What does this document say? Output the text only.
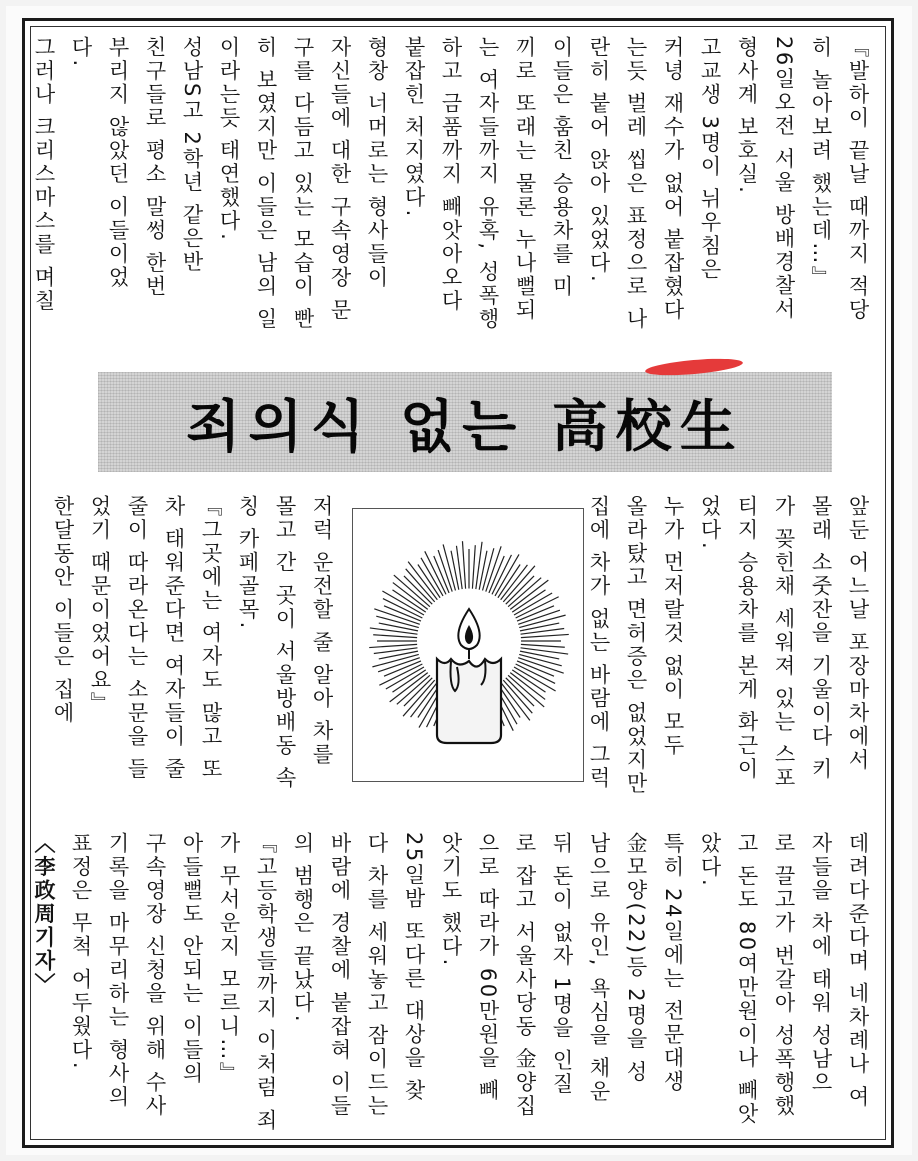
『발하이 끝날 때까지 적당

히 놀아보려 했는데…』

26일오전 서울 방배경찰서

형사계 보호실.

고교생 3명이 뉘우침은

커녕 재수가 없어 붙잡혔다

는듯 벌레 씹은 표정으로 나

란히 붙어 앉아 있었다.

이들은 훔친 승용차를 미

끼로 또래는 물론 누나뻘되

는 여자들까지 유혹, 성폭행

하고 금품까지 빼앗아오다

붙잡힌 처지였다.

형창 너머로는 형사들이

자신들에 대한 구속영장 문

구를 다듬고 있는 모습이 빤

히 보였지만 이들은 남의 일

이라는듯 태연했다.

성남S고 2학년 같은반

친구들로 평소 말썽 한번

부리지 않았던 이들이었

다.

그러나 크리스마스를 며칠

죄의식 없는 高校生

앞둔 어느날 포장마차에서

몰래 소줏잔을 기울이다 키

가 꽂힌채 세워져 있는 스포

티지 승용차를 본게 화근이

었다.

누가 먼저랄것 없이 모두

올라탔고 면허증은 없었지만

집에 차가 없는 바람에 그럭

저럭 운전할 줄 알아 차를

몰고 간 곳이 서울방배동 속

칭 카페골목.

『그곳에는 여자도 많고 또

차 태워준다면 여자들이 줄

줄이 따라온다는 소문을 들

었기 때문이었어요』

한달동안 이들은 집에

데려다준다며 네차례나 여

자들을 차에 태워 성남으

로 끌고가 번갈아 성폭행했

고 돈도 80여만원이나 빼앗

았다.

특히 24일에는 전문대생

金모양(22)등 2명을 성

남으로 유인, 욕심을 채운

뒤 돈이 없자 1명을 인질

로 잡고 서울사당동 金양집

으로 따라가 60만원을 빼

앗기도 했다.

25일밤 또다른 대상을 찾

다 차를 세워놓고 잠이드는

바람에 경찰에 붙잡혀 이들

의 범행은 끝났다.

『고등학생들까지 이처럼 죄

가 무서운지 모르니…』

아들뻘도 안되는 이들의

구속영장 신청을 위해 수사

기록을 마무리하는 형사의

표정은 무척 어두웠다.

〈李政周기자〉
